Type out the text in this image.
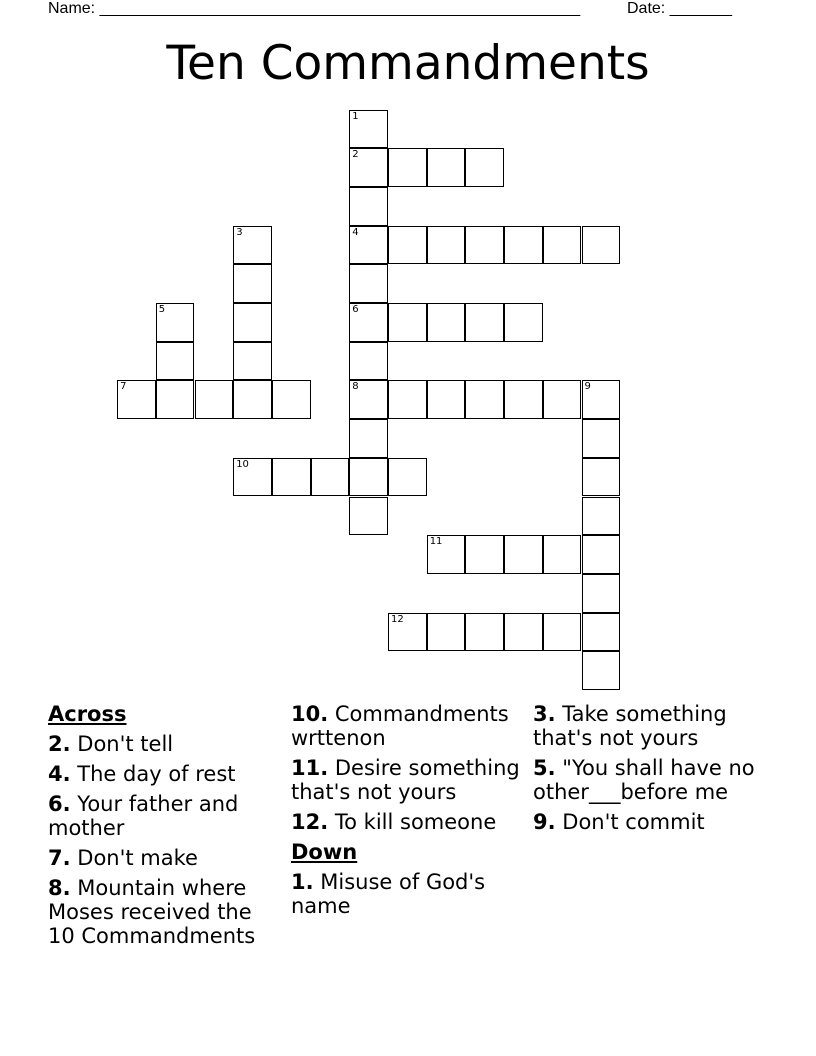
Name: ______________________________________________________	Date: _______
Ten Commandments
1
2
3	4
5	6
7	8	9
10
11
12
Across
2. Don't tell
4. The day of rest
6. Your father and mother
7. Don't make
8. Mountain where Moses received the 10 Commandments
10. Commandments wrttenon
11. Desire something that's not yours
12. To kill someone
Down
1. Misuse of God's name
3. Take something that's not yours
5. "You shall have no other___before me
9. Don't commit
